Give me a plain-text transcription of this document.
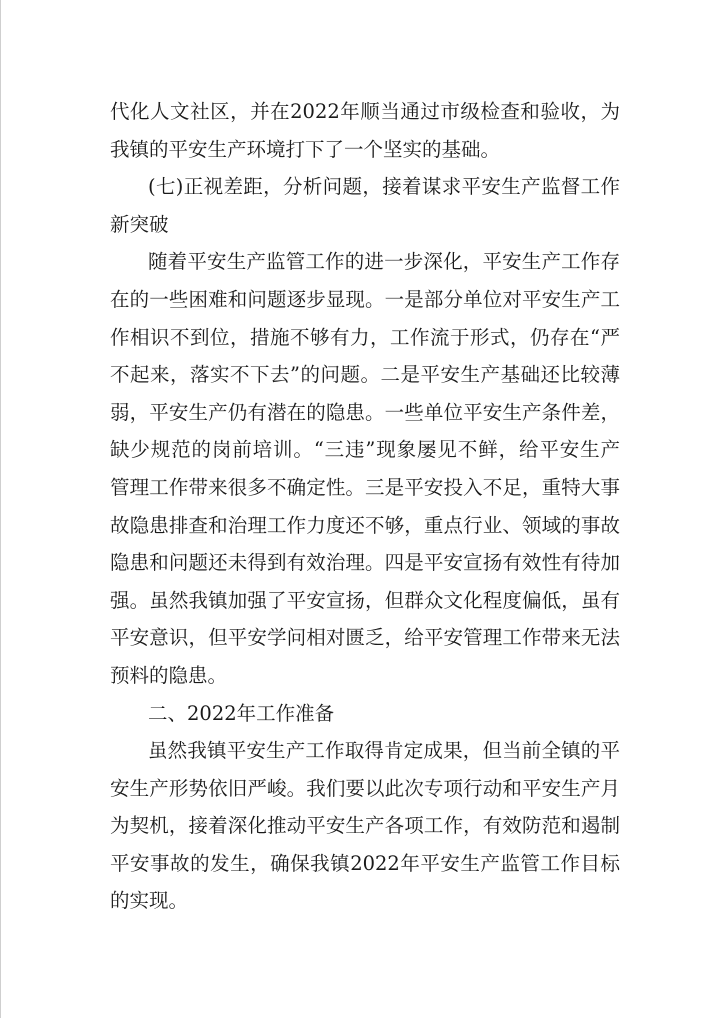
代化人文社区，并在2022年顺当通过市级检查和验收，为
我镇的平安生产环境打下了一个坚实的基础。
(七)正视差距，分析问题，接着谋求平安生产监督工作
新突破
随着平安生产监管工作的进一步深化，平安生产工作存
在的一些困难和问题逐步显现。一是部分单位对平安生产工
作相识不到位，措施不够有力，工作流于形式，仍存在“严
不起来，落实不下去”的问题。二是平安生产基础还比较薄
弱，平安生产仍有潜在的隐患。一些单位平安生产条件差，
缺少规范的岗前培训。“三违”现象屡见不鲜，给平安生产
管理工作带来很多不确定性。三是平安投入不足，重特大事
故隐患排查和治理工作力度还不够，重点行业、领域的事故
隐患和问题还未得到有效治理。四是平安宣扬有效性有待加
强。虽然我镇加强了平安宣扬，但群众文化程度偏低，虽有
平安意识，但平安学问相对匮乏，给平安管理工作带来无法
预料的隐患。
二、2022年工作准备
虽然我镇平安生产工作取得肯定成果，但当前全镇的平
安生产形势依旧严峻。我们要以此次专项行动和平安生产月
为契机，接着深化推动平安生产各项工作，有效防范和遏制
平安事故的发生，确保我镇2022年平安生产监管工作目标
的实现。
